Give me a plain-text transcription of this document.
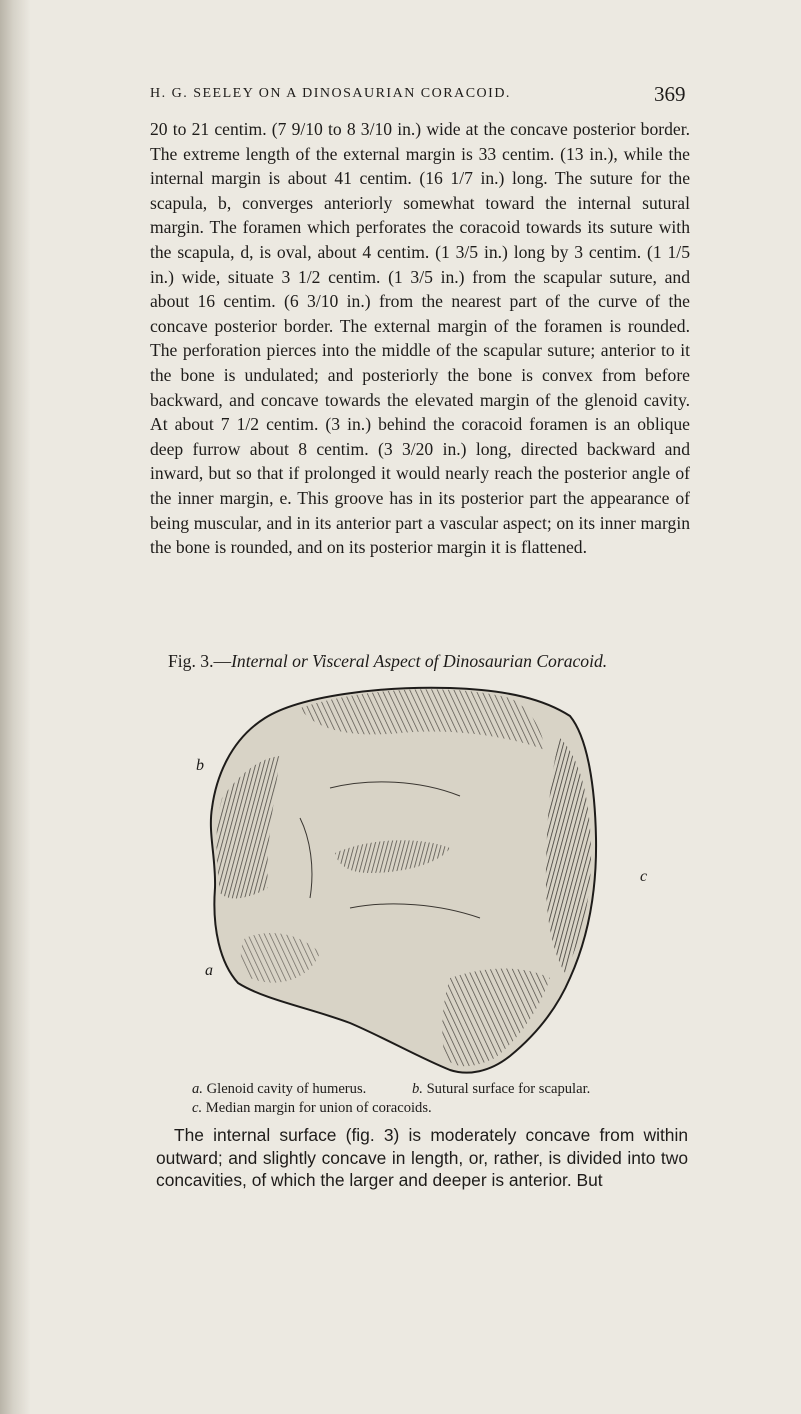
H. G. SEELEY ON A DINOSAURIAN CORACOID.	369
20 to 21 centim. (7 9/10 to 8 3/10 in.) wide at the concave posterior border. The extreme length of the external margin is 33 centim. (13 in.), while the internal margin is about 41 centim. (16 1/7 in.) long. The suture for the scapula, b, converges anteriorly somewhat toward the internal sutural margin. The foramen which perforates the coracoid towards its suture with the scapula, d, is oval, about 4 centim. (1 3/5 in.) long by 3 centim. (1 1/5 in.) wide, situate 3 1/2 centim. (1 3/5 in.) from the scapular suture, and about 16 centim. (6 3/10 in.) from the nearest part of the curve of the concave posterior border. The external margin of the foramen is rounded. The perforation pierces into the middle of the scapular suture; anterior to it the bone is undulated; and posteriorly the bone is convex from before backward, and concave towards the elevated margin of the glenoid cavity. At about 7 1/2 centim. (3 in.) behind the coracoid foramen is an oblique deep furrow about 8 centim. (3 3/20 in.) long, directed backward and inward, but so that if prolonged it would nearly reach the posterior angle of the inner margin, e. This groove has in its posterior part the appearance of being muscular, and in its anterior part a vascular aspect; on its inner margin the bone is rounded, and on its posterior margin it is flattened.
Fig. 3.—Internal or Visceral Aspect of Dinosaurian Coracoid.
b
c
a
a. Glenoid cavity of humerus.	b. Sutural surface for scapular.
c. Median margin for union of coracoids.
The internal surface (fig. 3) is moderately concave from within outward; and slightly concave in length, or, rather, is divided into two concavities, of which the larger and deeper is anterior. But
